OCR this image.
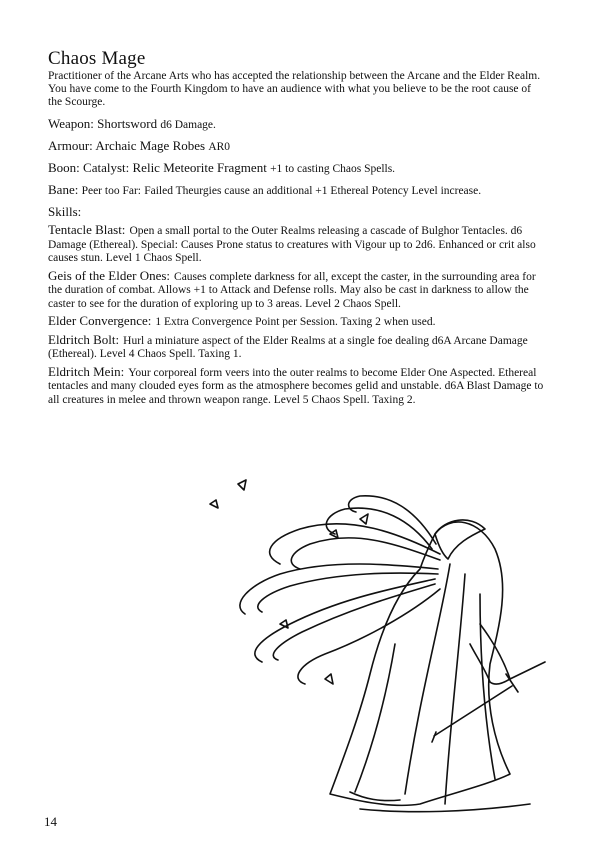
Chaos Mage

Practitioner of the Arcane Arts who has accepted the relationship between the Arcane and the Elder Realm. You have come to the Fourth Kingdom to have an audience with what you believe to be the root cause of the Scourge.

Weapon: Shortsword d6 Damage.

Armour: Archaic Mage Robes AR0

Boon: Catalyst: Relic Meteorite Fragment +1 to casting Chaos Spells.

Bane: Peer too Far: Failed Theurgies cause an additional +1 Ethereal Potency Level increase.

Skills:

Tentacle Blast: Open a small portal to the Outer Realms releasing a cascade of Bulghor Tentacles. d6 Damage (Ethereal). Special: Causes Prone status to creatures with Vigour up to 2d6. Enhanced or crit also causes stun. Level 1 Chaos Spell.

Geis of the Elder Ones: Causes complete darkness for all, except the caster, in the surrounding area for the duration of combat. Allows +1 to Attack and Defense rolls. May also be cast in darkness to allow the caster to see for the duration of exploring up to 3 areas. Level 2 Chaos Spell.

Elder Convergence: 1 Extra Convergence Point per Session. Taxing 2 when used.

Eldritch Bolt: Hurl a miniature aspect of the Elder Realms at a single foe dealing d6A Arcane Damage (Ethereal). Level 4 Chaos Spell. Taxing 1.

Eldritch Mein: Your corporeal form veers into the outer realms to become Elder One Aspected. Ethereal tentacles and many clouded eyes form as the atmosphere becomes gelid and unstable. d6A Blast Damage to all creatures in melee and thrown weapon range. Level 5 Chaos Spell. Taxing 2.

14
